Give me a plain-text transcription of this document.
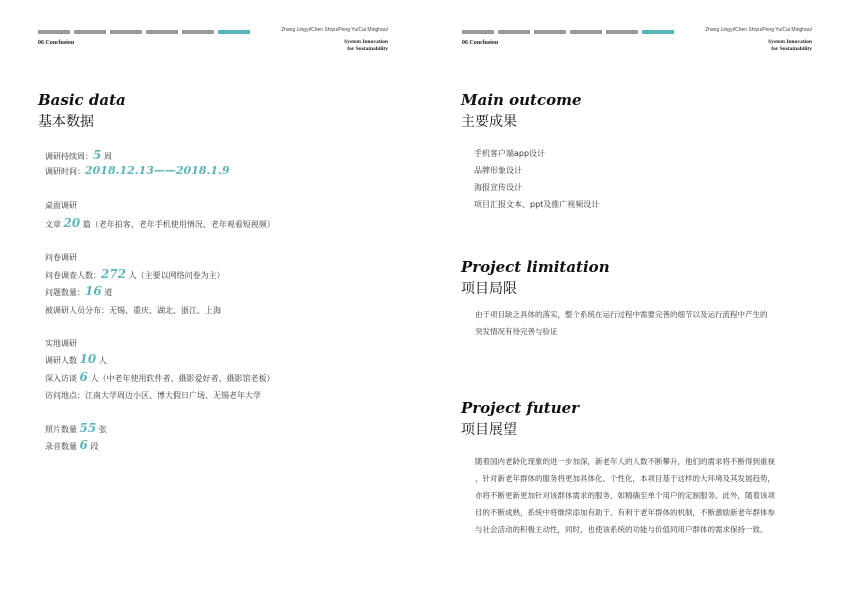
Zhang Lingyi/Chen Shiyu/Peng Yu/Cai Minghao/
06 Conclusion	System Innovation
for Sustainability
Basic data
基本数据
调研持续周：5 周
调研时间：2018.12.13——2018.1.9
桌面调研
文章 20 篇（老年拍客、老年手机使用情况、老年观看短视频）
问卷调研
问卷调查人数：272 人（主要以网络问卷为主）
问题数量：16 道
被调研人员分布：无锡、重庆、湖北、浙江、上海
实地调研
调研人数 10 人
深入访谈 6 人（中老年使用软件者、摄影爱好者、摄影馆老板）
访问地点：江南大学周边小区、博大假日广场、无锡老年大学
照片数量 55 张
录音数量 6 段
Zhang Lingyi/Chen Shiyu/Peng Yu/Cai Minghao/
06 Conclusion	System Innovation
for Sustainability
Main outcome
主要成果
手机客户端app设计
品牌形象设计
海报宣传设计
项目汇报文本、ppt及推广视频设计
Project limitation
项目局限
由于项目缺乏具体的落实，整个系统在运行过程中需要完善的细节以及运行流程中产生的
突发情况有待完善与验证
Project futuer
项目展望
随着国内老龄化现象的进一步加深，新老年人的人数不断攀升，他们的需求将不断得到重视
，针对新老年群体的服务将更加具体化、个性化，本项目基于这样的大环境及其发展趋势，
亦将不断更新更加针对该群体需求的服务，如精确至单个用户的定制服务。此外，随着该项
目的不断成熟，系统中将继续添加有助于、有利于老年群体的机制，不断激励新老年群体参
与社会活动的积极主动性，同时，也使该系统的功能与价值同用户群体的需求保持一致。
